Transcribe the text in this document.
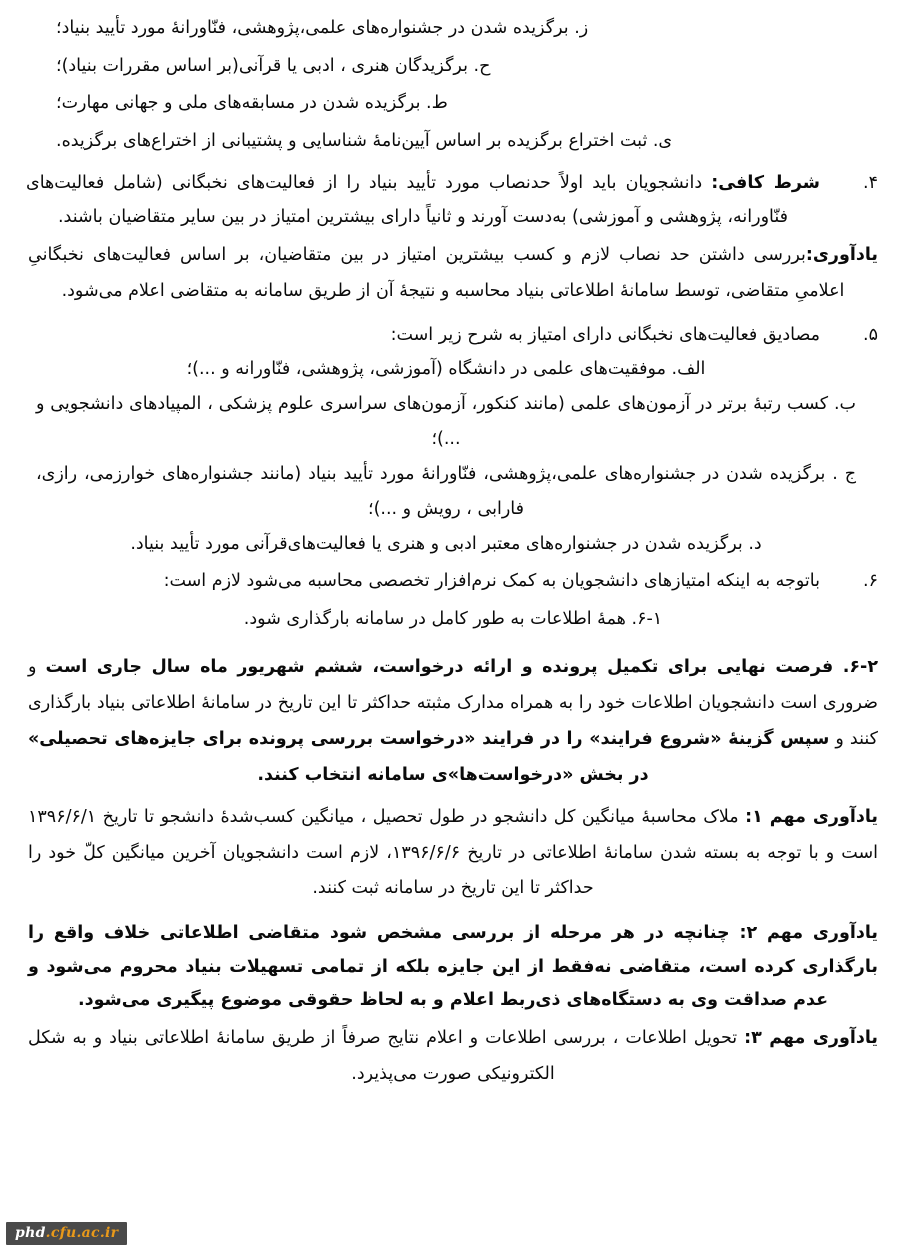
ز. برگزیده شدن در جشنواره‌های علمی،پژوهشی، فنّاورانۀ مورد تأیید بنیاد؛

ح. برگزیدگان هنری ، ادبی یا قرآنی(بر اساس مقررات بنیاد)؛

ط. برگزیده شدن در مسابقه‌های ملی و جهانی مهارت؛

ی. ثبت اختراع برگزیده بر اساس آیین‌نامۀ شناسایی و پشتیبانی از اختراع‌های برگزیده.

۴.
شرط کافی: دانشجویان باید اولاً حدنصاب مورد تأیید بنیاد را از فعالیت‌های نخبگانی (شامل فعالیت‌های فنّاورانه، پژوهشی و آموزشی) به‌دست آورند و ثانیاً دارای بیشترین امتیاز در بین سایر متقاضیان باشند.

یادآوری:بررسی داشتن حد نصاب لازم و کسب بیشترین امتیاز در بین متقاضیان، بر اساس فعالیت‌های نخبگانیِ اعلامیِ متقاضی، توسط سامانۀ اطلاعاتی بنیاد محاسبه و نتیجۀ آن از طریق سامانه به متقاضی اعلام می‌شود.

۵.
مصادیق فعالیت‌های نخبگانی دارای امتیاز به شرح زیر است:

الف. موفقیت‌های علمی در دانشگاه (آموزشی، پژوهشی، فنّاورانه و ...)؛

ب. کسب رتبۀ برتر در آزمون‌های علمی (مانند کنکور، آزمون‌های سراسری علوم پزشکی ، المپیادهای دانشجویی و ...)؛

ج . برگزیده شدن در جشنواره‌های علمی،پژوهشی، فنّاورانۀ مورد تأیید بنیاد (مانند جشنواره‌های خوارزمی، رازی، فارابی ، رویش و ...)؛

د. برگزیده شدن در جشنواره‌های معتبر ادبی و هنری یا فعالیت‌های‌قرآنی مورد تأیید بنیاد.

۶.
باتوجه به اینکه امتیازهای دانشجویان به کمک نرم‌افزار تخصصی محاسبه می‌شود لازم است:

۶-۱. همۀ اطلاعات به طور کامل در سامانه بارگذاری شود.

۶-۲. فرصت نهایی برای تکمیل پرونده و ارائه درخواست، ششم شهریور ماه سال جاری است و ضروری است دانشجویان اطلاعات خود را به همراه مدارک مثبته حداکثر تا این تاریخ در سامانۀ اطلاعاتی بنیاد بارگذاری کنند و سپس گزینۀ «شروع فرایند» را در فرایند «درخواست بررسی پرونده برای جایزه‌های تحصیلی» در بخش «درخواست‌ها»ی سامانه انتخاب کنند.

یادآوری مهم ۱: ملاک محاسبۀ میانگین کل دانشجو در طول تحصیل ، میانگین کسب‌شدۀ دانشجو تا تاریخ ۱۳۹۶/۶/۱ است و با توجه به بسته شدن سامانۀ اطلاعاتی در تاریخ ۱۳۹۶/۶/۶، لازم است دانشجویان آخرین میانگین کلّ خود را حداکثر تا این تاریخ در سامانه ثبت کنند.

یادآوری مهم ۲: چنانچه در هر مرحله از بررسی مشخص شود متقاضی اطلاعاتی خلاف واقع را بارگذاری کرده است، متقاضی نه‌فقط از این جایزه بلکه از تمامی تسهیلات بنیاد محروم می‌شود و عدم صداقت وی به دستگاه‌های ذی‌ربط اعلام و به لحاظ حقوقی موضوع پیگیری می‌شود.

یادآوری مهم ۳: تحویل اطلاعات ، بررسی اطلاعات و اعلام نتایج صرفاً از طریق سامانۀ اطلاعاتی بنیاد و به شکل الکترونیکی صورت می‌پذیرد.

phd.cfu.ac.ir
